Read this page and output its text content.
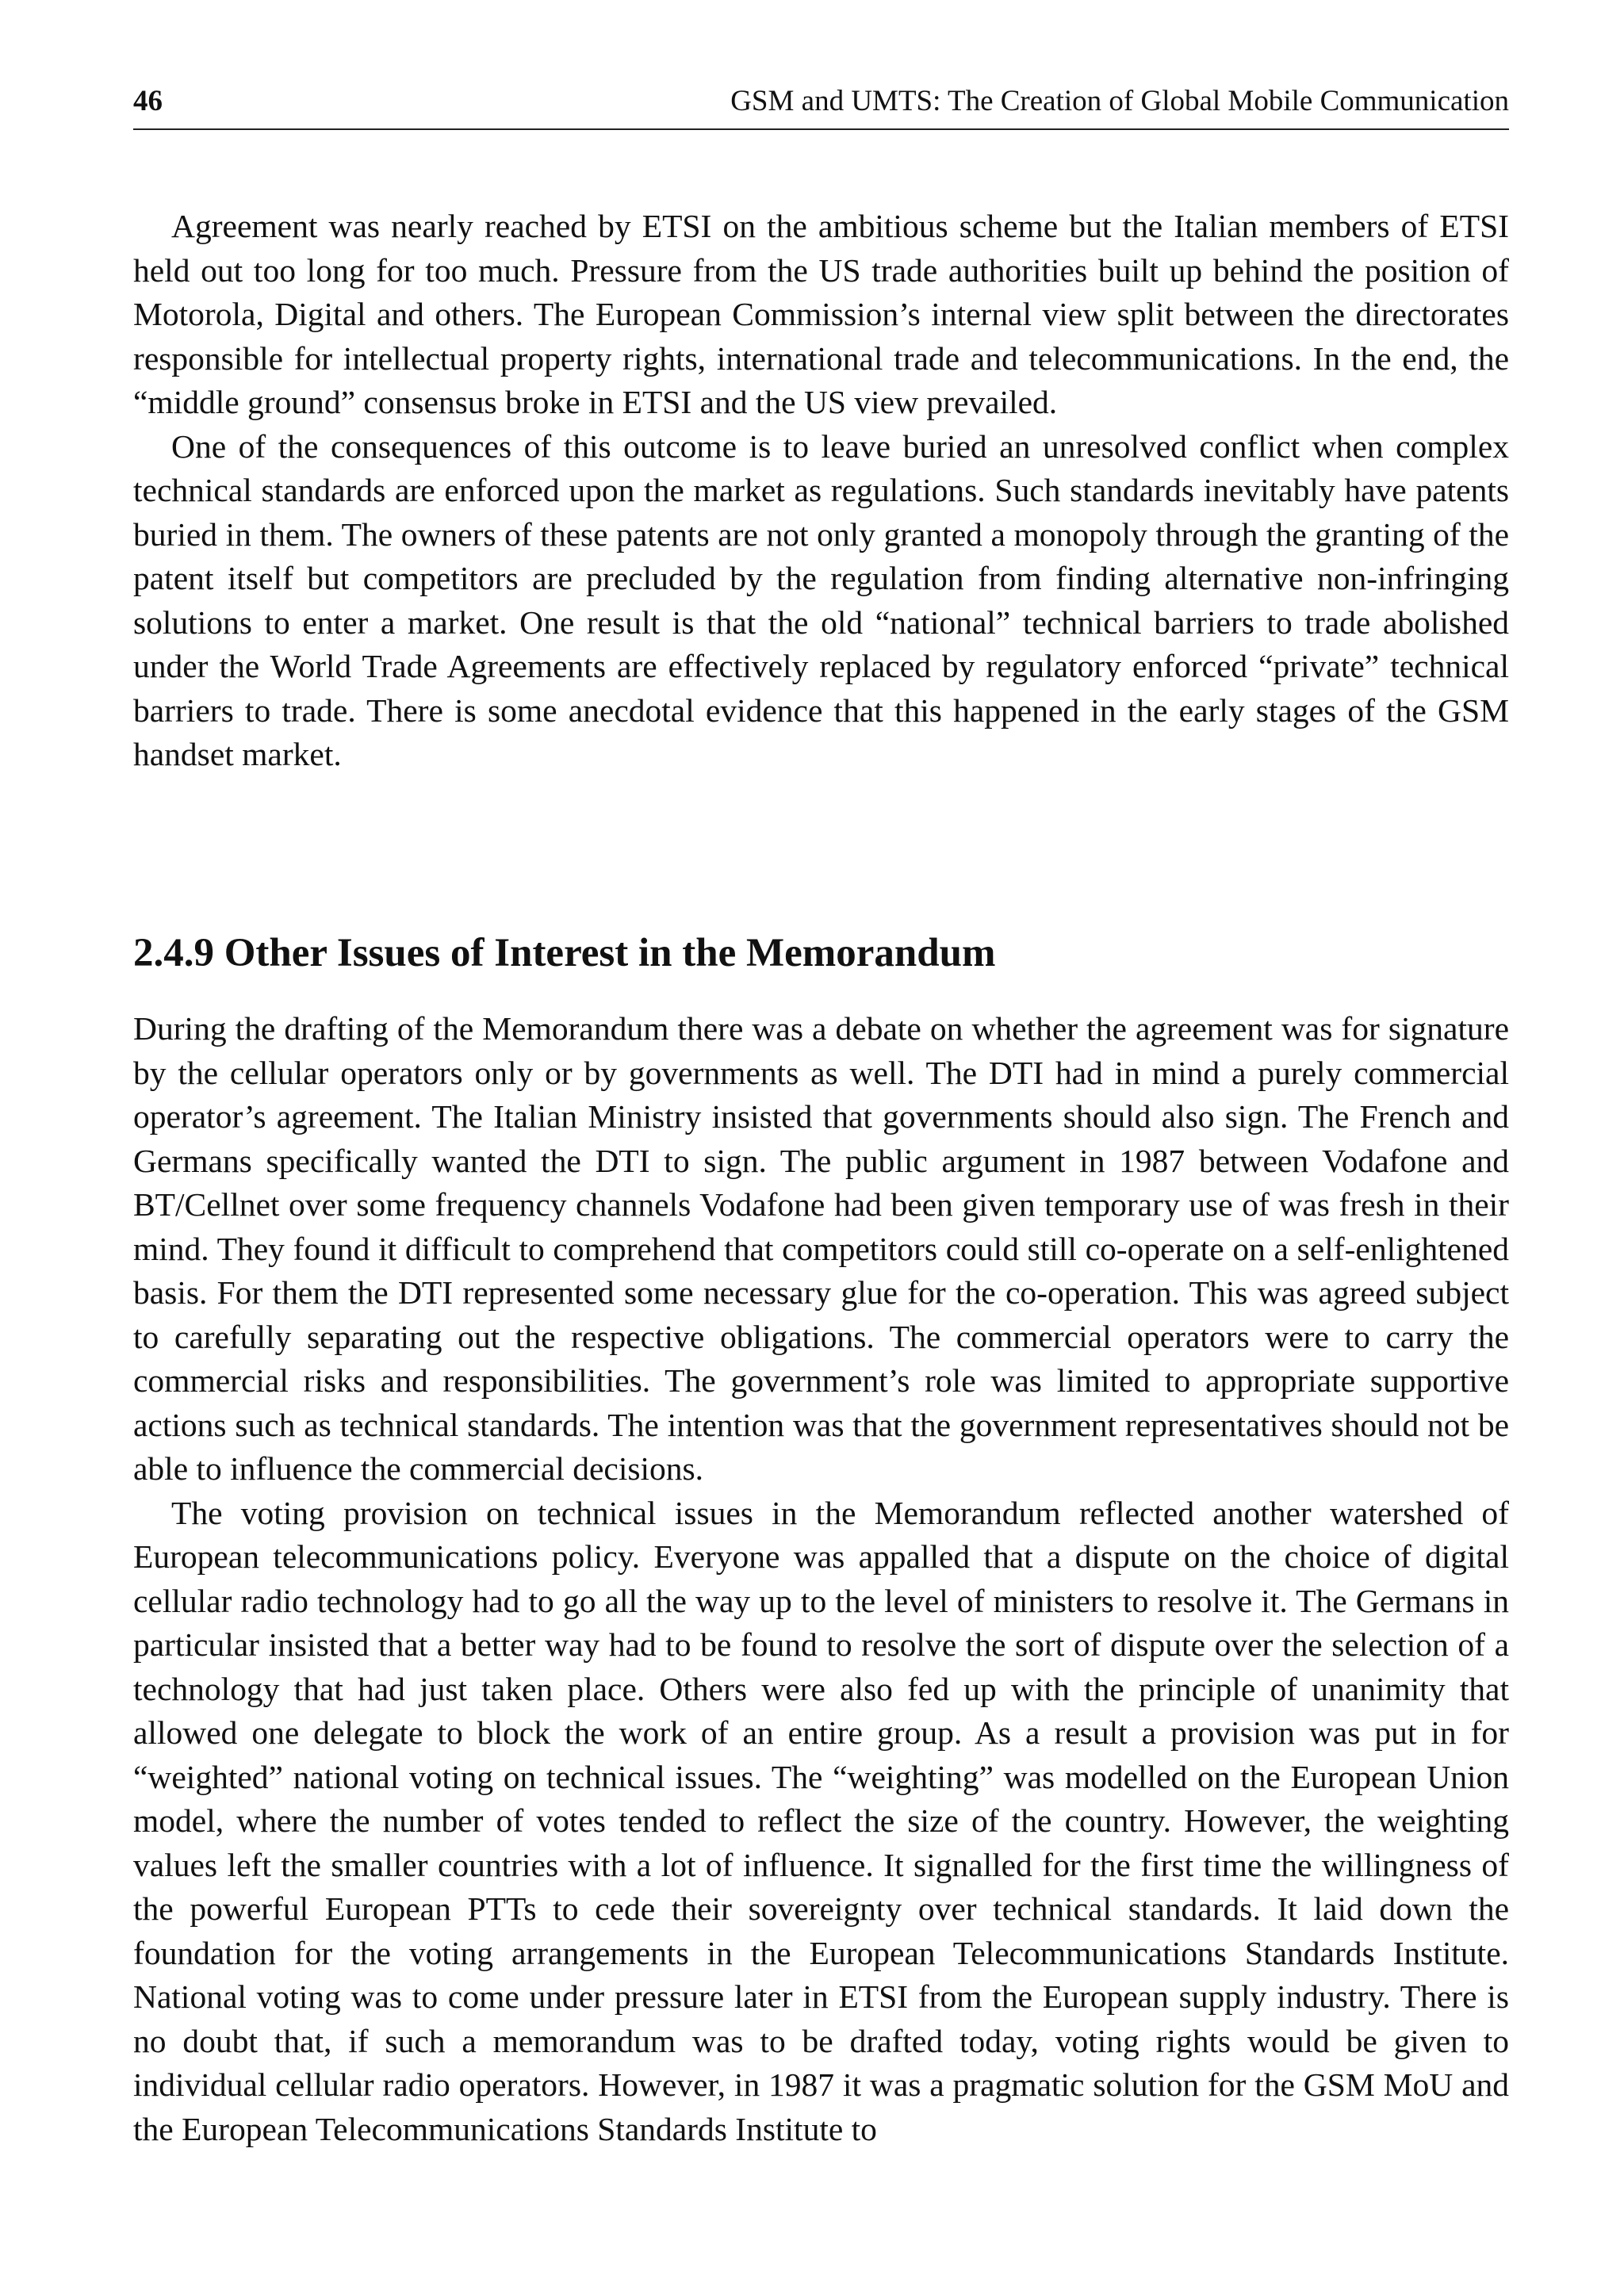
46	GSM and UMTS: The Creation of Global Mobile Communication

Agreement was nearly reached by ETSI on the ambitious scheme but the Italian members of ETSI held out too long for too much. Pressure from the US trade authorities built up behind the position of Motorola, Digital and others. The European Commission’s internal view split between the directorates responsible for intellectual property rights, international trade and telecommunications. In the end, the “middle ground” consensus broke in ETSI and the US view prevailed.

One of the consequences of this outcome is to leave buried an unresolved conflict when complex technical standards are enforced upon the market as regulations. Such standards inevitably have patents buried in them. The owners of these patents are not only granted a monopoly through the granting of the patent itself but competitors are precluded by the regulation from finding alternative non-infringing solutions to enter a market. One result is that the old “national” technical barriers to trade abolished under the World Trade Agreements are effectively replaced by regulatory enforced “private” technical barriers to trade. There is some anecdotal evidence that this happened in the early stages of the GSM handset market.

2.4.9 Other Issues of Interest in the Memorandum

During the drafting of the Memorandum there was a debate on whether the agreement was for signature by the cellular operators only or by governments as well. The DTI had in mind a purely commercial operator’s agreement. The Italian Ministry insisted that governments should also sign. The French and Germans specifically wanted the DTI to sign. The public argument in 1987 between Vodafone and BT/Cellnet over some frequency channels Vodafone had been given temporary use of was fresh in their mind. They found it difficult to comprehend that competitors could still co-operate on a self-enlightened basis. For them the DTI represented some necessary glue for the co-operation. This was agreed subject to carefully separating out the respective obligations. The commercial operators were to carry the commercial risks and responsibilities. The government’s role was limited to appropriate supportive actions such as technical standards. The intention was that the government representatives should not be able to influence the commercial decisions.

The voting provision on technical issues in the Memorandum reflected another watershed of European telecommunications policy. Everyone was appalled that a dispute on the choice of digital cellular radio technology had to go all the way up to the level of ministers to resolve it. The Germans in particular insisted that a better way had to be found to resolve the sort of dispute over the selection of a technology that had just taken place. Others were also fed up with the principle of unanimity that allowed one delegate to block the work of an entire group. As a result a provision was put in for “weighted” national voting on technical issues. The “weighting” was modelled on the European Union model, where the number of votes tended to reflect the size of the country. However, the weighting values left the smaller countries with a lot of influence. It signalled for the first time the willingness of the powerful European PTTs to cede their sovereignty over technical standards. It laid down the foundation for the voting arrangements in the European Telecommunications Standards Institute. National voting was to come under pressure later in ETSI from the European supply industry. There is no doubt that, if such a memorandum was to be drafted today, voting rights would be given to individual cellular radio operators. However, in 1987 it was a pragmatic solution for the GSM MoU and the European Telecommunications Standards Institute to
